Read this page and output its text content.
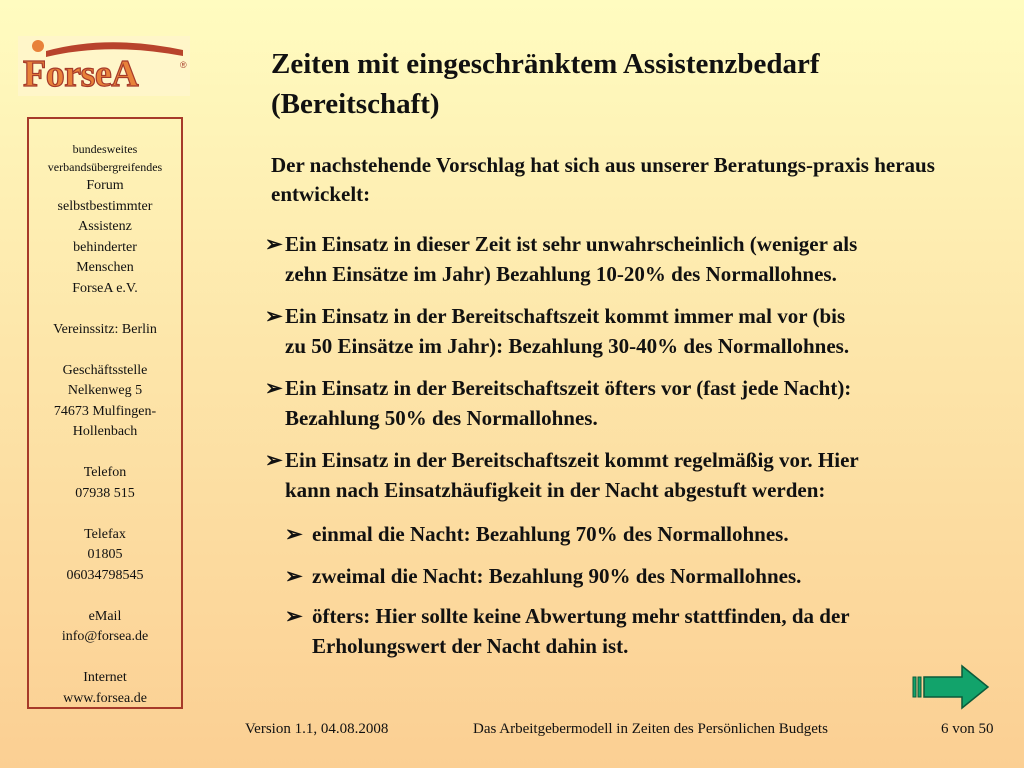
ForseA	®
bundesweites
verbandsübergreifendes
Forum
selbstbestimmter
Assistenz
behinderter
Menschen
ForseA e.V.
Vereinssitz: Berlin
Geschäftsstelle
Nelkenweg 5
74673 Mulfingen-
Hollenbach
Telefon
07938 515
Telefax
01805
06034798545
eMail
info@forsea.de
Internet
www.forsea.de
Zeiten mit eingeschränktem Assistenzbedarf (Bereitschaft)
Der nachstehende Vorschlag hat sich aus unserer Beratungs-praxis heraus entwickelt:
➢ Ein Einsatz in dieser Zeit ist sehr unwahrscheinlich (weniger als
zehn Einsätze im Jahr) Bezahlung 10-20% des Normallohnes.
➢ Ein Einsatz in der Bereitschaftszeit kommt immer mal vor (bis
zu 50 Einsätze im Jahr): Bezahlung 30-40% des Normallohnes.
➢ Ein Einsatz in der Bereitschaftszeit öfters vor (fast jede Nacht):
Bezahlung 50% des Normallohnes.
➢ Ein Einsatz in der Bereitschaftszeit kommt regelmäßig vor. Hier
kann nach Einsatzhäufigkeit in der Nacht abgestuft werden:
➢ einmal die Nacht: Bezahlung 70% des Normallohnes.
➢ zweimal die Nacht: Bezahlung 90% des Normallohnes.
➢ öfters: Hier sollte keine Abwertung mehr stattfinden, da der
Erholungswert der Nacht dahin ist.
Version 1.1, 04.08.2008	Das Arbeitgebermodell in Zeiten des Persönlichen Budgets	6 von 50
